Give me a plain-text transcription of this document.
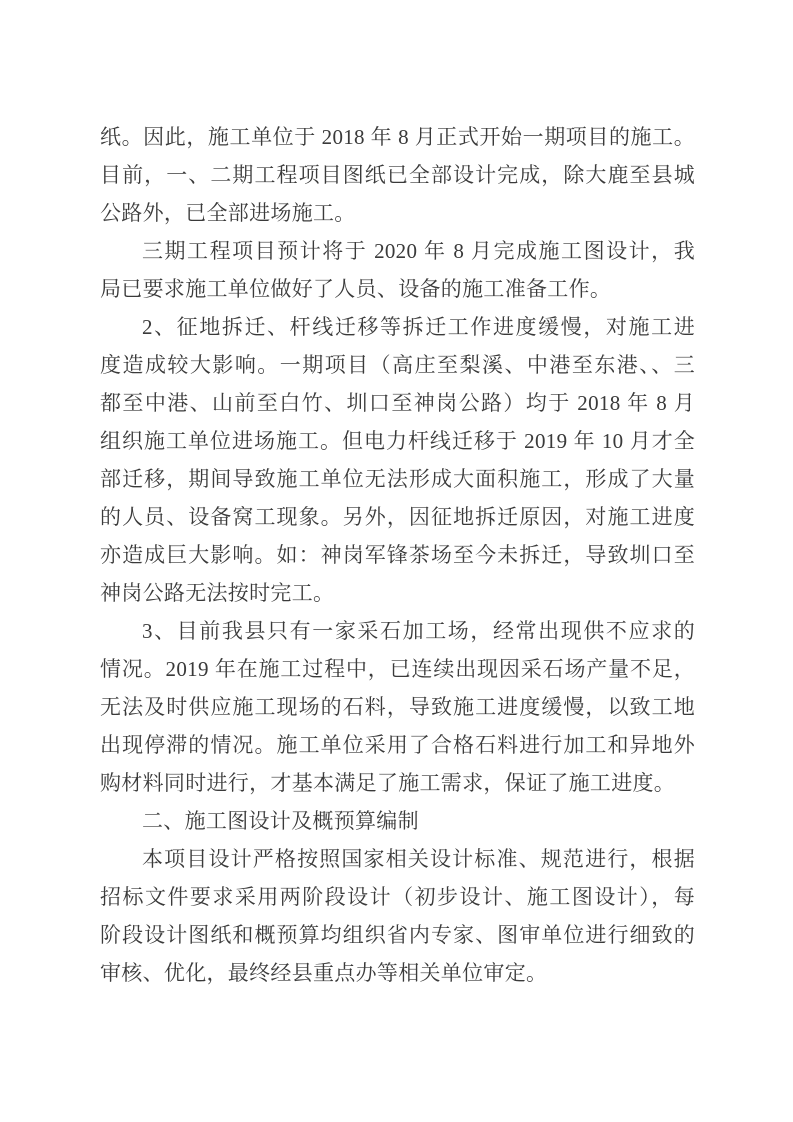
纸。因此，施工单位于 2018 年 8 月正式开始一期项目的施工。
目前，一、二期工程项目图纸已全部设计完成，除大鹿至县城
公路外，已全部进场施工。

三期工程项目预计将于 2020 年 8 月完成施工图设计，我
局已要求施工单位做好了人员、设备的施工准备工作。

2、征地拆迁、杆线迁移等拆迁工作进度缓慢，对施工进
度造成较大影响。一期项目（高庄至梨溪、中港至东港、、三
都至中港、山前至白竹、圳口至神岗公路）均于 2018 年 8 月
组织施工单位进场施工。但电力杆线迁移于 2019 年 10 月才全
部迁移，期间导致施工单位无法形成大面积施工，形成了大量
的人员、设备窝工现象。另外，因征地拆迁原因，对施工进度
亦造成巨大影响。如：神岗军锋茶场至今未拆迁，导致圳口至
神岗公路无法按时完工。

3、目前我县只有一家采石加工场，经常出现供不应求的
情况。2019 年在施工过程中，已连续出现因采石场产量不足，
无法及时供应施工现场的石料，导致施工进度缓慢，以致工地
出现停滞的情况。施工单位采用了合格石料进行加工和异地外
购材料同时进行，才基本满足了施工需求，保证了施工进度。

二、施工图设计及概预算编制

本项目设计严格按照国家相关设计标准、规范进行，根据
招标文件要求采用两阶段设计（初步设计、施工图设计），每
阶段设计图纸和概预算均组织省内专家、图审单位进行细致的
审核、优化，最终经县重点办等相关单位审定。
